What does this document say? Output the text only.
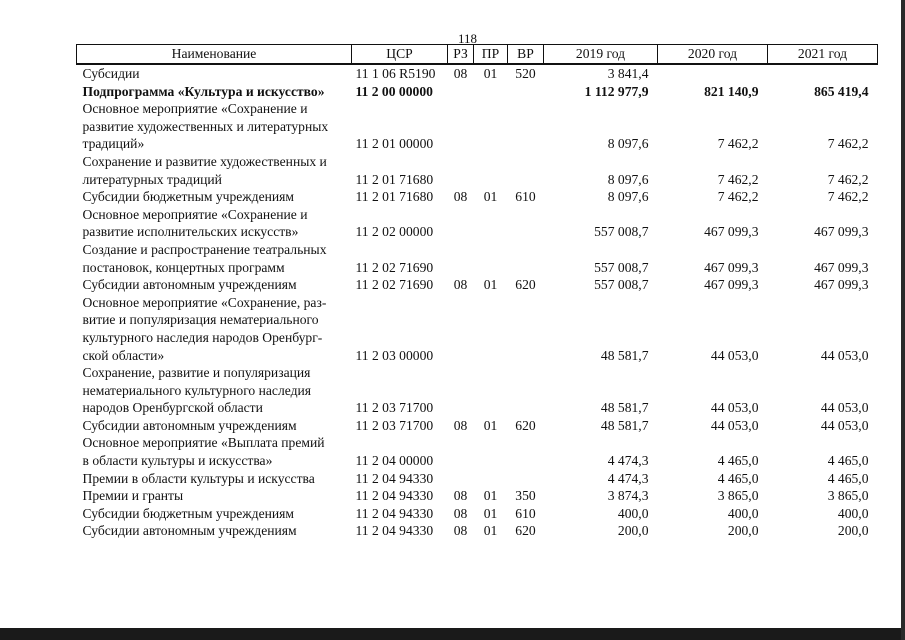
118
Наименование	ЦСР	РЗ	ПР	ВР	2019 год	2020 год	2021 год
Субсидии	11 1 06 R5190	08	01	520	3 841,4		
Подпрограмма «Культура и искусство»	11 2 00 00000				1 112 977,9	821 140,9	865 419,4
Основное мероприятие «Сохранение и
развитие художественных и литературных
традиций»	11 2 01 00000				8 097,6	7 462,2	7 462,2
Сохранение и развитие художественных и
литературных традиций	11 2 01 71680				8 097,6	7 462,2	7 462,2
Субсидии бюджетным учреждениям	11 2 01 71680	08	01	610	8 097,6	7 462,2	7 462,2
Основное мероприятие «Сохранение и
развитие исполнительских искусств»	11 2 02 00000				557 008,7	467 099,3	467 099,3
Создание и распространение театральных
постановок, концертных программ	11 2 02 71690				557 008,7	467 099,3	467 099,3
Субсидии автономным учреждениям	11 2 02 71690	08	01	620	557 008,7	467 099,3	467 099,3
Основное мероприятие «Сохранение, раз-
витие и популяризация нематериального
культурного наследия народов Оренбург-
ской области»	11 2 03 00000				48 581,7	44 053,0	44 053,0
Сохранение, развитие и популяризация
нематериального культурного наследия
народов Оренбургской области	11 2 03 71700				48 581,7	44 053,0	44 053,0
Субсидии автономным учреждениям	11 2 03 71700	08	01	620	48 581,7	44 053,0	44 053,0
Основное мероприятие «Выплата премий
в области культуры и искусства»	11 2 04 00000				4 474,3	4 465,0	4 465,0
Премии в области культуры и искусства	11 2 04 94330				4 474,3	4 465,0	4 465,0
Премии и гранты	11 2 04 94330	08	01	350	3 874,3	3 865,0	3 865,0
Субсидии бюджетным учреждениям	11 2 04 94330	08	01	610	400,0	400,0	400,0
Субсидии автономным учреждениям	11 2 04 94330	08	01	620	200,0	200,0	200,0
